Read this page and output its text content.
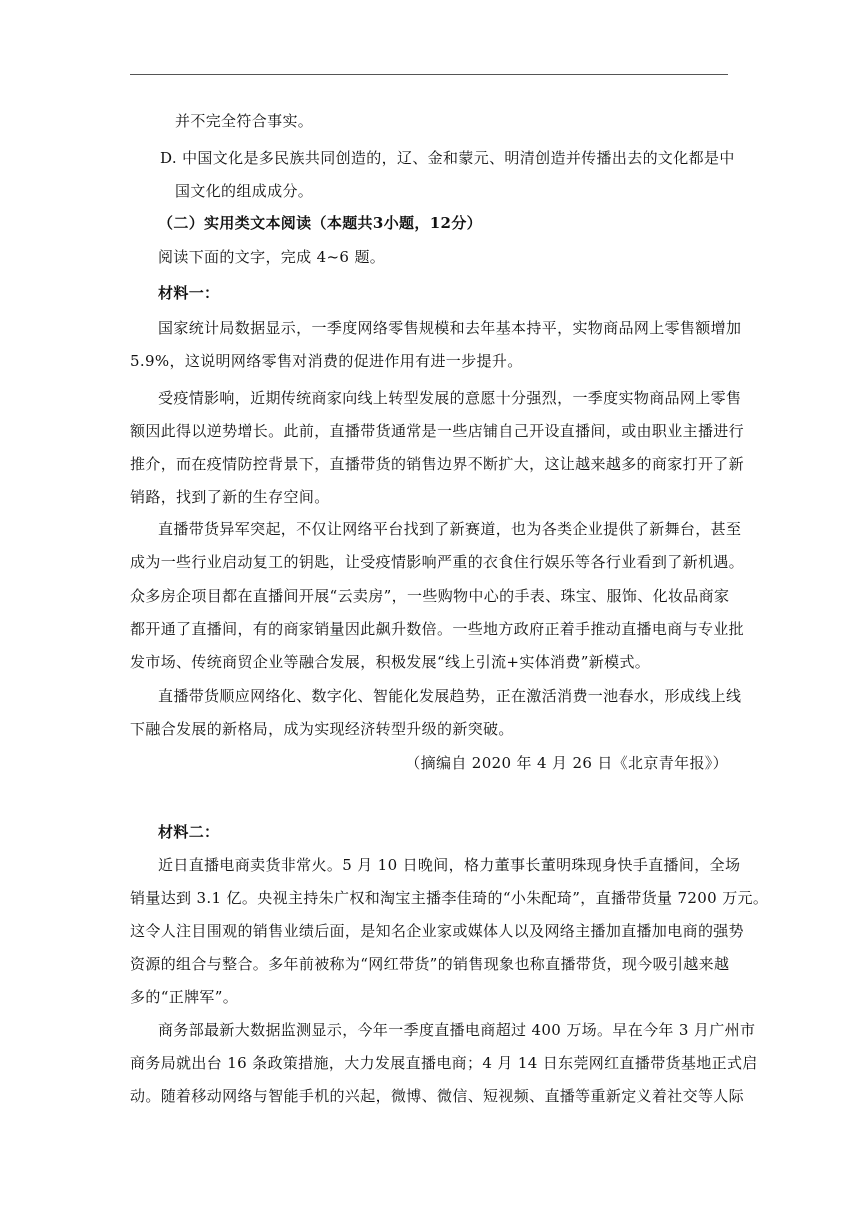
并不完全符合事实。
D. 中国文化是多民族共同创造的，辽、金和蒙元、明清创造并传播出去的文化都是中
国文化的组成成分。
（二）实用类文本阅读（本题共3小题，12分）
阅读下面的文字，完成 4~6 题。
材料一：
国家统计局数据显示，一季度网络零售规模和去年基本持平，实物商品网上零售额增加
5.9%，这说明网络零售对消费的促进作用有进一步提升。
受疫情影响，近期传统商家向线上转型发展的意愿十分强烈，一季度实物商品网上零售
额因此得以逆势增长。此前，直播带货通常是一些店铺自己开设直播间，或由职业主播进行
推介，而在疫情防控背景下，直播带货的销售边界不断扩大，这让越来越多的商家打开了新
销路，找到了新的生存空间。
直播带货异军突起，不仅让网络平台找到了新赛道，也为各类企业提供了新舞台，甚至
成为一些行业启动复工的钥匙，让受疫情影响严重的衣食住行娱乐等各行业看到了新机遇。
众多房企项目都在直播间开展“云卖房”，一些购物中心的手表、珠宝、服饰、化妆品商家
都开通了直播间，有的商家销量因此飙升数倍。一些地方政府正着手推动直播电商与专业批
发市场、传统商贸企业等融合发展，积极发展“线上引流+实体消费”新模式。
直播带货顺应网络化、数字化、智能化发展趋势，正在激活消费一池春水，形成线上线
下融合发展的新格局，成为实现经济转型升级的新突破。
（摘编自 2020 年 4 月 26 日《北京青年报》）
材料二：
近日直播电商卖货非常火。5 月 10 日晚间，格力董事长董明珠现身快手直播间，全场
销量达到 3.1 亿。央视主持朱广权和淘宝主播李佳琦的“小朱配琦”，直播带货量 7200 万元。
这令人注目围观的销售业绩后面，是知名企业家或媒体人以及网络主播加直播加电商的强势
资源的组合与整合。多年前被称为“网红带货”的销售现象也称直播带货，现今吸引越来越
多的“正牌军”。
商务部最新大数据监测显示，今年一季度直播电商超过 400 万场。早在今年 3 月广州市
商务局就出台 16 条政策措施，大力发展直播电商；4 月 14 日东莞网红直播带货基地正式启
动。随着移动网络与智能手机的兴起，微博、微信、短视频、直播等重新定义着社交等人际
